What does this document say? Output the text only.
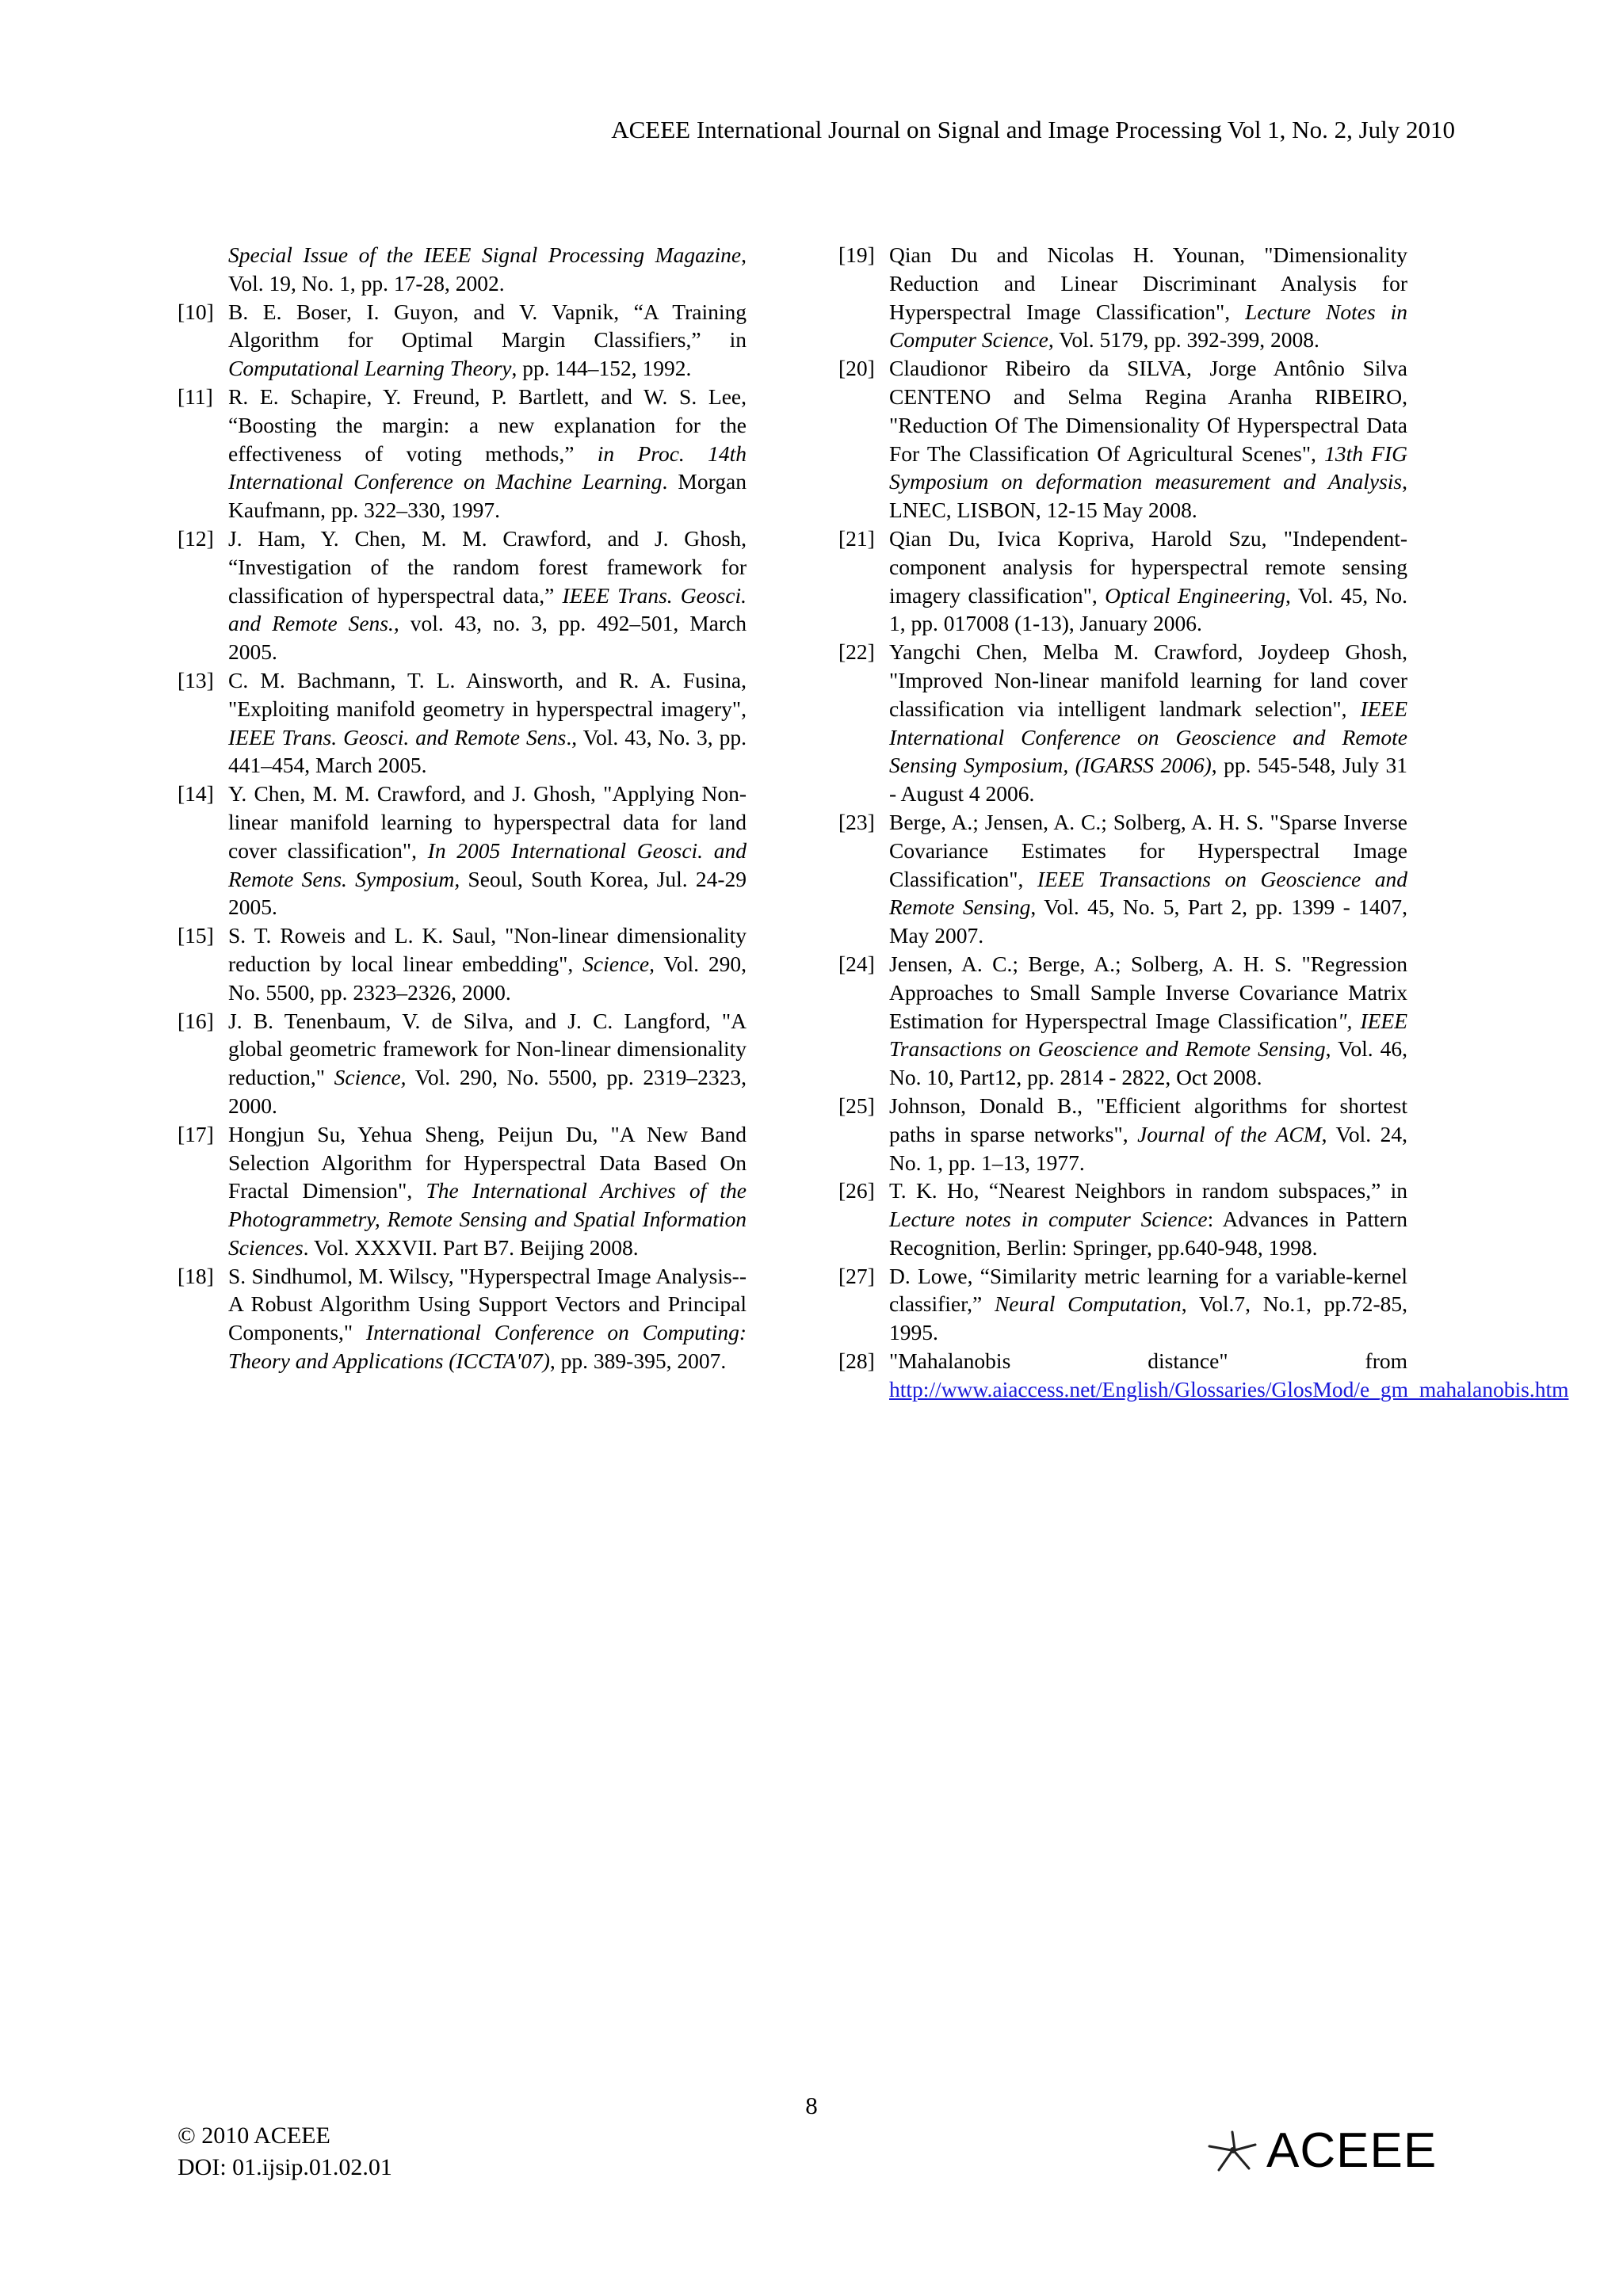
ACEEE International Journal on Signal and Image Processing Vol 1, No. 2, July 2010
Special Issue of the IEEE Signal Processing Magazine, Vol. 19, No. 1, pp. 17-28, 2002.
[10] B. E. Boser, I. Guyon, and V. Vapnik, “A Training Algorithm for Optimal Margin Classifiers,” in Computational Learning Theory, pp. 144–152, 1992.
[11] R. E. Schapire, Y. Freund, P. Bartlett, and W. S. Lee, “Boosting the margin: a new explanation for the effectiveness of voting methods,” in Proc. 14th International Conference on Machine Learning. Morgan Kaufmann, pp. 322–330, 1997.
[12] J. Ham, Y. Chen, M. M. Crawford, and J. Ghosh, “Investigation of the random forest framework for classification of hyperspectral data,” IEEE Trans. Geosci. and Remote Sens., vol. 43, no. 3, pp. 492–501, March 2005.
[13] C. M. Bachmann, T. L. Ainsworth, and R. A. Fusina, "Exploiting manifold geometry in hyperspectral imagery", IEEE Trans. Geosci. and Remote Sens., Vol. 43, No. 3, pp. 441–454, March 2005.
[14] Y. Chen, M. M. Crawford, and J. Ghosh, "Applying Non-linear manifold learning to hyperspectral data for land cover classification", In 2005 International Geosci. and Remote Sens. Symposium, Seoul, South Korea, Jul. 24-29 2005.
[15] S. T. Roweis and L. K. Saul, "Non-linear dimensionality reduction by local linear embedding", Science, Vol. 290, No. 5500, pp. 2323–2326, 2000.
[16] J. B. Tenenbaum, V. de Silva, and J. C. Langford, "A global geometric framework for Non-linear dimensionality reduction," Science, Vol. 290, No. 5500, pp. 2319–2323, 2000.
[17] Hongjun Su, Yehua Sheng, Peijun Du, "A New Band Selection Algorithm for Hyperspectral Data Based On Fractal Dimension", The International Archives of the Photogrammetry, Remote Sensing and Spatial Information Sciences. Vol. XXXVII. Part B7. Beijing 2008.
[18] S. Sindhumol, M. Wilscy, "Hyperspectral Image Analysis--A Robust Algorithm Using Support Vectors and Principal Components," International Conference on Computing: Theory and Applications (ICCTA'07), pp. 389-395, 2007.
[19] Qian Du and Nicolas H. Younan, "Dimensionality Reduction and Linear Discriminant Analysis for Hyperspectral Image Classification", Lecture Notes in Computer Science, Vol. 5179, pp. 392-399, 2008.
[20] Claudionor Ribeiro da SILVA, Jorge Antônio Silva CENTENO and Selma Regina Aranha RIBEIRO, "Reduction Of The Dimensionality Of Hyperspectral Data For The Classification Of Agricultural Scenes", 13th FIG Symposium on deformation measurement and Analysis, LNEC, LISBON, 12-15 May 2008.
[21] Qian Du, Ivica Kopriva, Harold Szu, "Independent-component analysis for hyperspectral remote sensing imagery classification", Optical Engineering, Vol. 45, No. 1, pp. 017008 (1-13), January 2006.
[22] Yangchi Chen, Melba M. Crawford, Joydeep Ghosh, "Improved Non-linear manifold learning for land cover classification via intelligent landmark selection", IEEE International Conference on Geoscience and Remote Sensing Symposium, (IGARSS 2006), pp. 545-548, July 31 - August 4 2006.
[23] Berge, A.; Jensen, A. C.; Solberg, A. H. S. "Sparse Inverse Covariance Estimates for Hyperspectral Image Classification", IEEE Transactions on Geoscience and Remote Sensing, Vol. 45, No. 5, Part 2, pp. 1399 - 1407, May 2007.
[24] Jensen, A. C.; Berge, A.; Solberg, A. H. S. "Regression Approaches to Small Sample Inverse Covariance Matrix Estimation for Hyperspectral Image Classification", IEEE Transactions on Geoscience and Remote Sensing, Vol. 46, No. 10, Part12, pp. 2814 - 2822, Oct 2008.
[25] Johnson, Donald B., "Efficient algorithms for shortest paths in sparse networks", Journal of the ACM, Vol. 24, No. 1, pp. 1–13, 1977.
[26] T. K. Ho, “Nearest Neighbors in random subspaces,” in Lecture notes in computer Science: Advances in Pattern Recognition, Berlin: Springer, pp.640-948, 1998.
[27] D. Lowe, “Similarity metric learning for a variable-kernel classifier,” Neural Computation, Vol.7, No.1, pp.72-85, 1995.
[28] "Mahalanobis distance" from http://www.aiaccess.net/English/Glossaries/GlosMod/e_gm_mahalanobis.htm
8
© 2010 ACEEE
DOI: 01.ijsip.01.02.01	ACEEE
